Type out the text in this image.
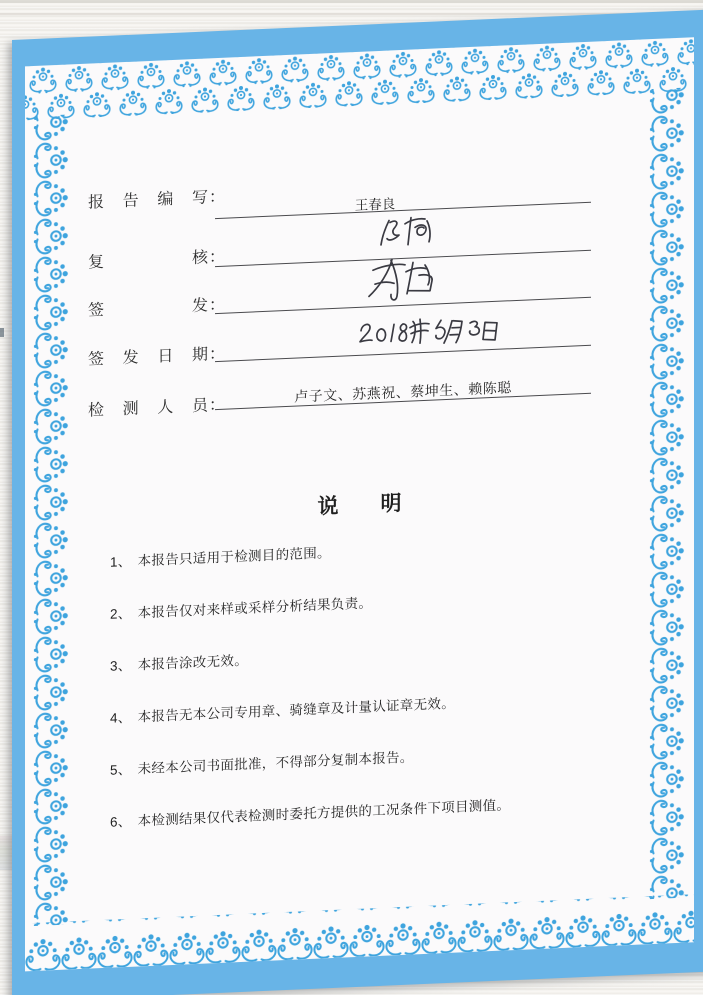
报告编写 ：	王春良
复核 ：
签发 ：
签发日期 ：
检测人员 ：	卢子文、苏燕祝、蔡坤生、赖陈聪
说　　明
1、 本报告只适用于检测目的范围。
2、 本报告仅对来样或采样分析结果负责。
3、 本报告涂改无效。
4、 本报告无本公司专用章、骑缝章及计量认证章无效。
5、 未经本公司书面批准，不得部分复制本报告。
6、 本检测结果仅代表检测时委托方提供的工况条件下项目测值。
